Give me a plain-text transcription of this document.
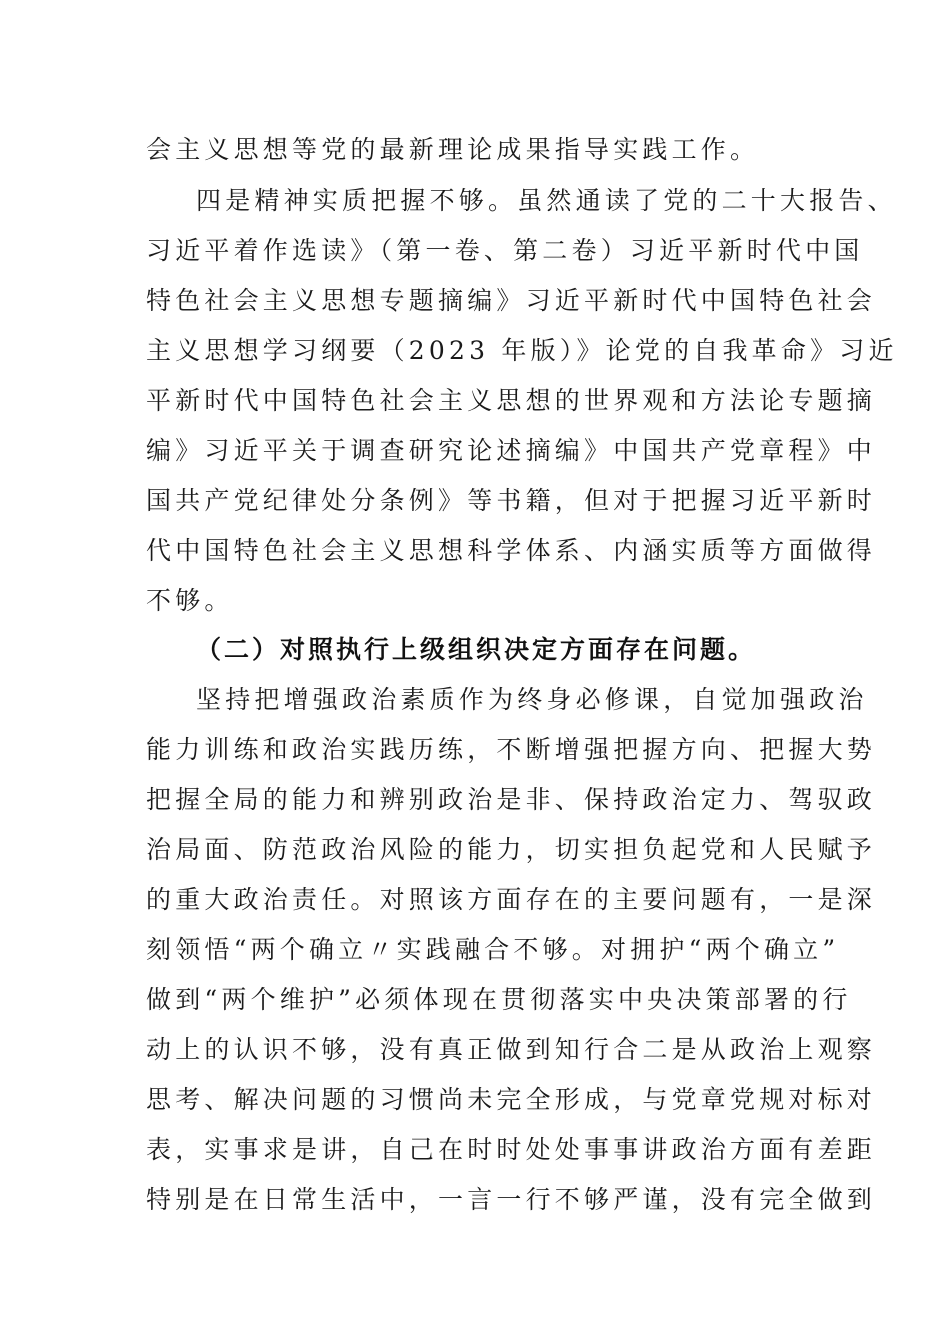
会主义思想等党的最新理论成果指导实践工作。
四是精神实质把握不够。虽然通读了党的二十大报告、
习近平着作选读》（第一卷、第二卷）习近平新时代中国
特色社会主义思想专题摘编》习近平新时代中国特色社会
主义思想学习纲要（2023 年版）》论党的自我革命》习近
平新时代中国特色社会主义思想的世界观和方法论专题摘
编》习近平关于调查研究论述摘编》中国共产党章程》中
国共产党纪律处分条例》等书籍，但对于把握习近平新时
代中国特色社会主义思想科学体系、内涵实质等方面做得
不够。
（二）对照执行上级组织决定方面存在问题。
坚持把增强政治素质作为终身必修课，自觉加强政治
能力训练和政治实践历练，不断增强把握方向、把握大势
把握全局的能力和辨别政治是非、保持政治定力、驾驭政
治局面、防范政治风险的能力，切实担负起党和人民赋予
的重大政治责任。对照该方面存在的主要问题有，一是深
刻领悟“两个确立〃实践融合不够。对拥护“两个确立”
做到“两个维护”必须体现在贯彻落实中央决策部署的行
动上的认识不够，没有真正做到知行合二是从政治上观察
思考、解决问题的习惯尚未完全形成，与党章党规对标对
表，实事求是讲，自己在时时处处事事讲政治方面有差距
特别是在日常生活中，一言一行不够严谨，没有完全做到
